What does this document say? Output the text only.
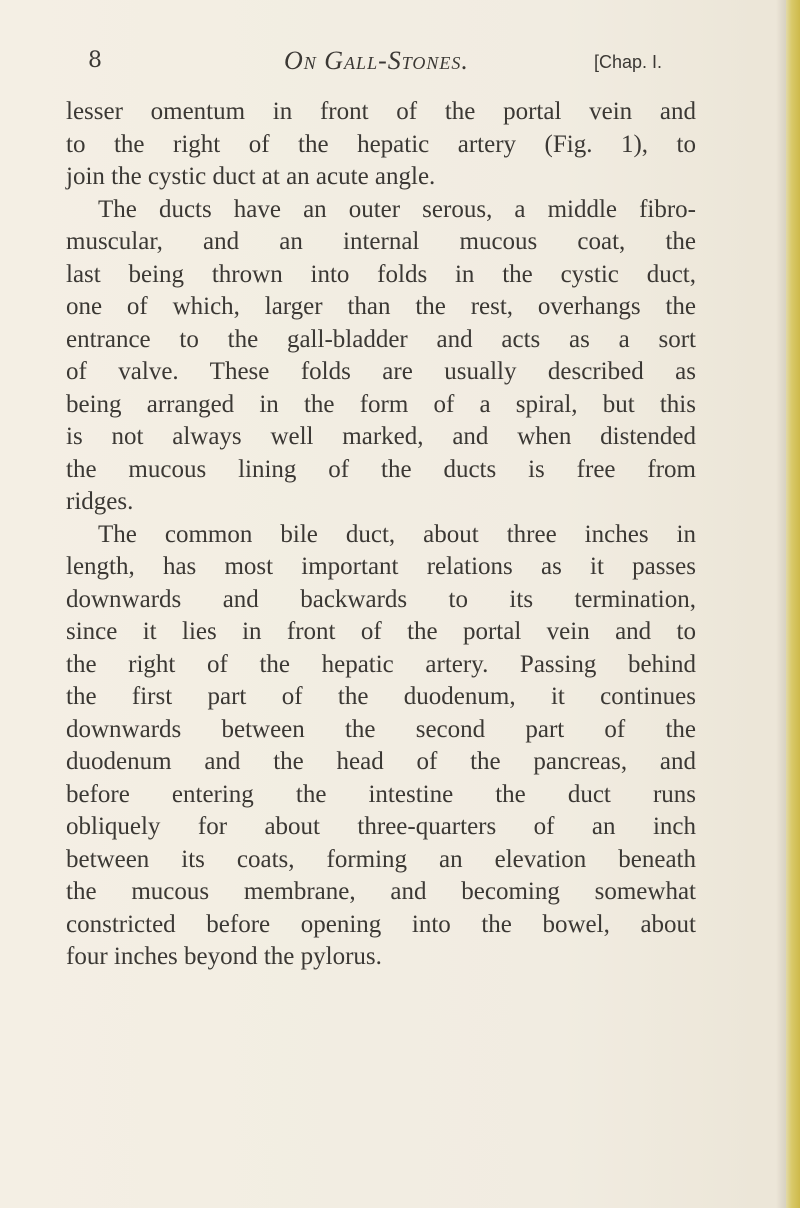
8	On Gall-Stones.	[Chap. I.
lesser omentum in front of the portal vein and
to the right of the hepatic artery (Fig. 1), to
join the cystic duct at an acute angle.
The ducts have an outer serous, a middle fibro-
muscular, and an internal mucous coat, the
last being thrown into folds in the cystic duct,
one of which, larger than the rest, overhangs the
entrance to the gall-bladder and acts as a sort
of valve. These folds are usually described as
being arranged in the form of a spiral, but this
is not always well marked, and when distended
the mucous lining of the ducts is free from
ridges.
The common bile duct, about three inches in
length, has most important relations as it passes
downwards and backwards to its termination,
since it lies in front of the portal vein and to
the right of the hepatic artery. Passing behind
the first part of the duodenum, it continues
downwards between the second part of the
duodenum and the head of the pancreas, and
before entering the intestine the duct runs
obliquely for about three-quarters of an inch
between its coats, forming an elevation beneath
the mucous membrane, and becoming somewhat
constricted before opening into the bowel, about
four inches beyond the pylorus.
